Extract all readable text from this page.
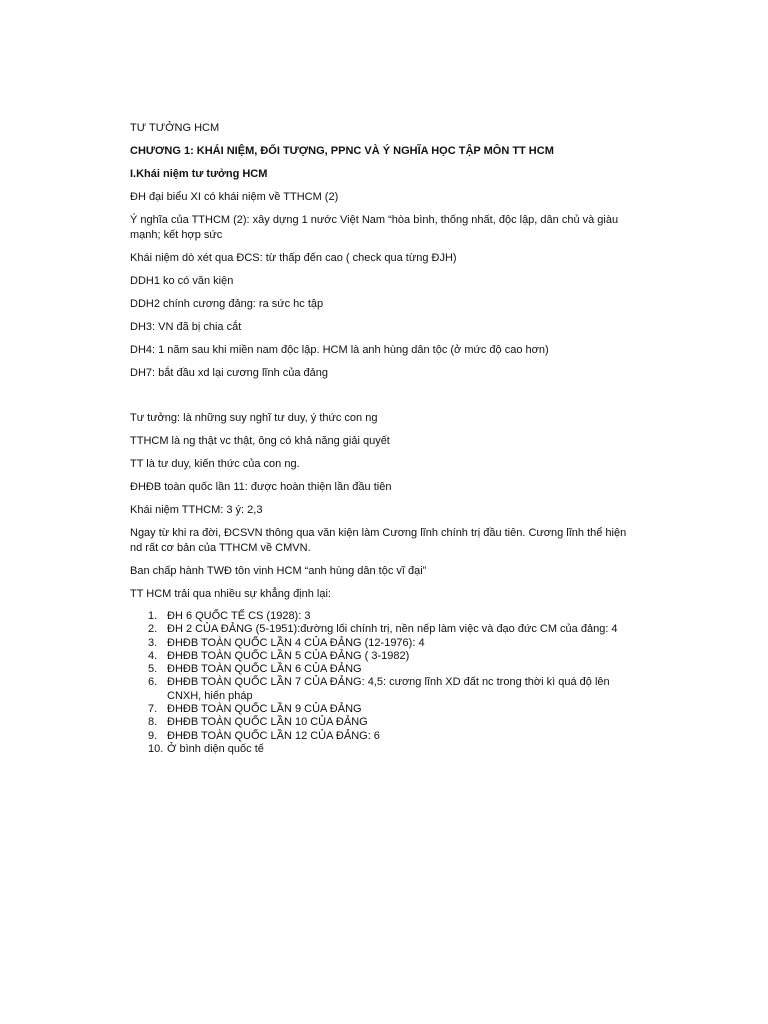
TƯ TƯỞNG HCM

CHƯƠNG 1: KHÁI NIỆM, ĐỐI TƯỢNG, PPNC VÀ Ý NGHĨA HỌC TẬP MÔN TT HCM

I.Khái niệm tư tưởng HCM

ĐH đại biểu XI có khái niệm về TTHCM (2)

Ý nghĩa của TTHCM (2): xây dựng 1 nước Việt Nam “hòa bình, thống nhất, độc lập, dân chủ và giàu mạnh; kết hợp sức

Khái niệm dò xét qua ĐCS: từ thấp đến cao ( check qua từng ĐJH)

DDH1 ko có văn kiện

DDH2 chính cương đảng: ra sức hc tập

DH3: VN đã bị chia cắt

DH4: 1 năm sau khi miền nam độc lập. HCM là anh hùng dân tộc (ở mức độ cao hơn)

DH7: bắt đầu xd lại cương lĩnh của đảng

Tư tưởng: là những suy nghĩ tư duy, ý thức con ng

TTHCM là ng thật vc thật, ông có khả năng giải quyết

TT là tư duy, kiến thức của con ng.

ĐHĐB toàn quốc lần 11: được hoàn thiện lần đầu tiên

Khái niệm TTHCM: 3 ý: 2,3

Ngay từ khi ra đời, ĐCSVN thông qua văn kiện làm Cương lĩnh chính trị đầu tiên. Cương lĩnh thể hiện nd rất cơ bản của TTHCM về CMVN.

Ban chấp hành TWĐ tôn vinh HCM “anh hùng dân tộc vĩ đại”

TT HCM trải qua nhiều sự khẳng định lại:

1. ĐH 6 QUỐC TẾ CS (1928): 3
2. ĐH 2 CỦA ĐẢNG (5-1951):đường lối chính trị, nền nếp làm việc và đạo đức CM của đảng: 4
3. ĐHĐB TOÀN QUỐC LẦN 4 CỦA ĐẢNG (12-1976): 4
4. ĐHĐB TOÀN QUỐC LẦN 5 CỦA ĐẢNG ( 3-1982)
5. ĐHĐB TOÀN QUỐC LẦN 6 CỦA ĐẢNG
6. ĐHĐB TOÀN QUỐC LẦN 7 CỦA ĐẢNG: 4,5: cương lĩnh XD đất nc trong thời kì quá độ lên CNXH, hiến pháp
7. ĐHĐB TOÀN QUỐC LẦN 9 CỦA ĐẢNG
8. ĐHĐB TOÀN QUỐC LẦN 10 CỦA ĐẢNG
9. ĐHĐB TOÀN QUỐC LẦN 12 CỦA ĐẢNG: 6
10. Ở bình diện quốc tế
